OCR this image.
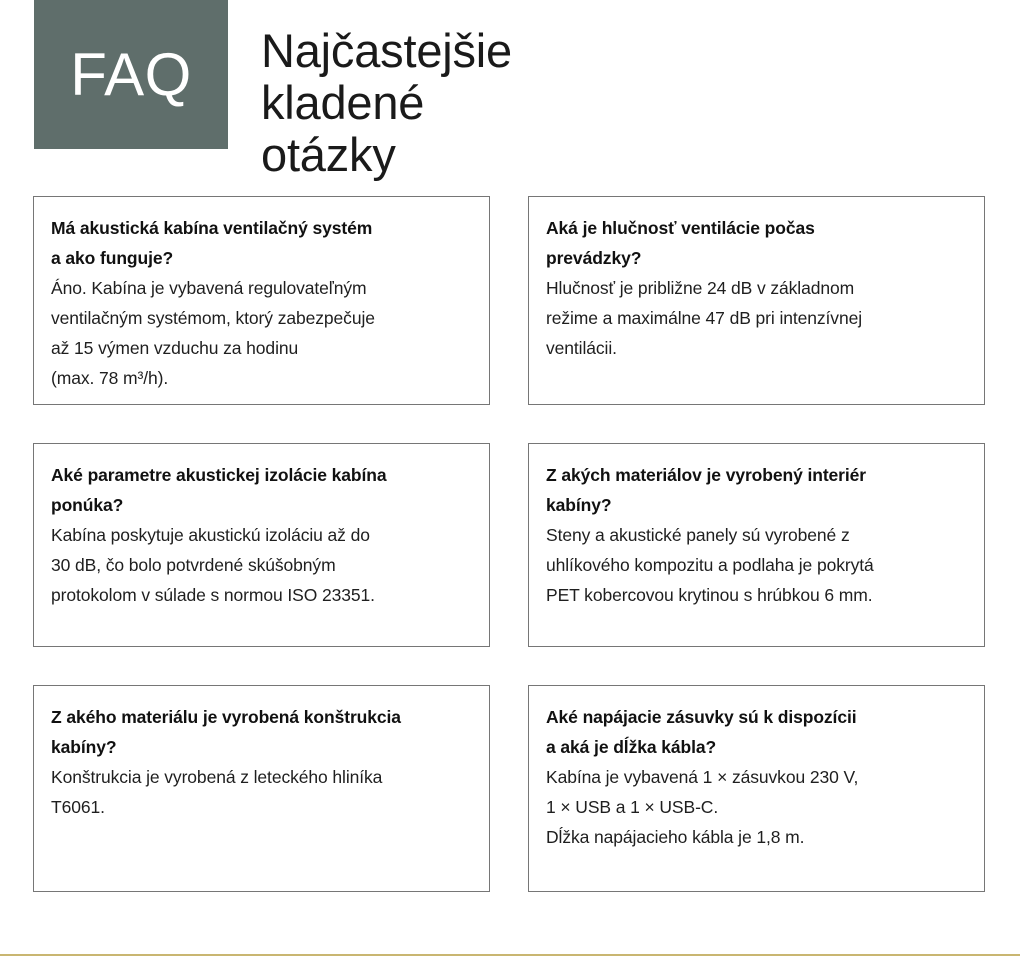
FAQ Najčastejšie
kladené
otázky

Má akustická kabína ventilačný systém
a ako funguje?

Áno. Kabína je vybavená regulovateľným
ventilačným systémom, ktorý zabezpečuje
až 15 výmen vzduchu za hodinu
(max. 78 m³/h).

Aká je hlučnosť ventilácie počas
prevádzky?

Hlučnosť je približne 24 dB v základnom
režime a maximálne 47 dB pri intenzívnej
ventilácii.

Aké parametre akustickej izolácie kabína
ponúka?

Kabína poskytuje akustickú izoláciu až do
30 dB, čo bolo potvrdené skúšobným
protokolom v súlade s normou ISO 23351.

Z akých materiálov je vyrobený interiér
kabíny?

Steny a akustické panely sú vyrobené z
uhlíkového kompozitu a podlaha je pokrytá
PET kobercovou krytinou s hrúbkou 6 mm.

Z akého materiálu je vyrobená konštrukcia
kabíny?

Konštrukcia je vyrobená z leteckého hliníka
T6061.

Aké napájacie zásuvky sú k dispozícii
a aká je dĺžka kábla?

Kabína je vybavená 1 × zásuvkou 230 V,
1 × USB a 1 × USB-C.
Dĺžka napájacieho kábla je 1,8 m.
